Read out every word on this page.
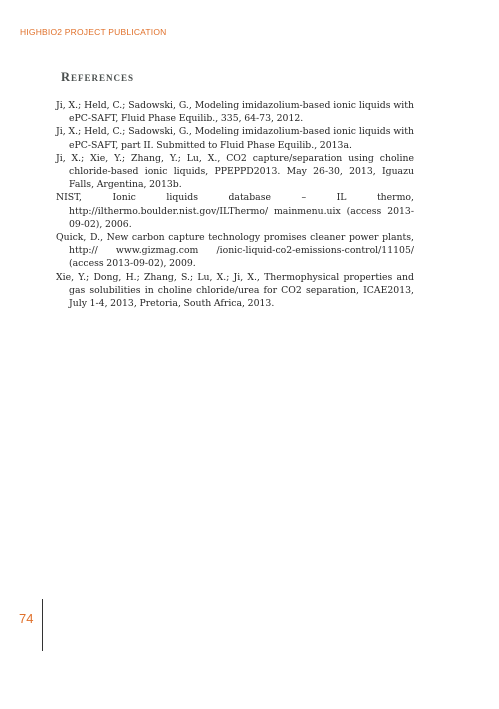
HIGHBIO2 PROJECT PUBLICATION
References
Ji, X.; Held, C.; Sadowski, G., Modeling imidazolium-based ionic liquids with ePC-SAFT, Fluid Phase Equilib., 335, 64-73, 2012.
Ji, X.; Held, C.; Sadowski, G., Modeling imidazolium-based ionic liquids with ePC-SAFT, part II. Submitted to Fluid Phase Equilib., 2013a.
Ji, X.; Xie, Y.; Zhang, Y.; Lu, X., CO2 capture/separation using choline chloride-based ionic liquids, PPEPPD2013. May 26-30, 2013, Iguazu Falls, Argentina, 2013b.
NIST, Ionic liquids database – IL thermo, http://ilthermo.boulder.nist.gov/ILThermo/ mainmenu.uix (access 2013-09-02), 2006.
Quick, D., New carbon capture technology promises cleaner power plants, http:// www.gizmag.com /ionic-liquid-co2-emissions-control/11105/ (access 2013-09-02), 2009.
Xie, Y.; Dong, H.; Zhang, S.; Lu, X.; Ji, X., Thermophysical properties and gas solubilities in choline chloride/urea for CO2 separation, ICAE2013, July 1-4, 2013, Pretoria, South Africa, 2013.
74
